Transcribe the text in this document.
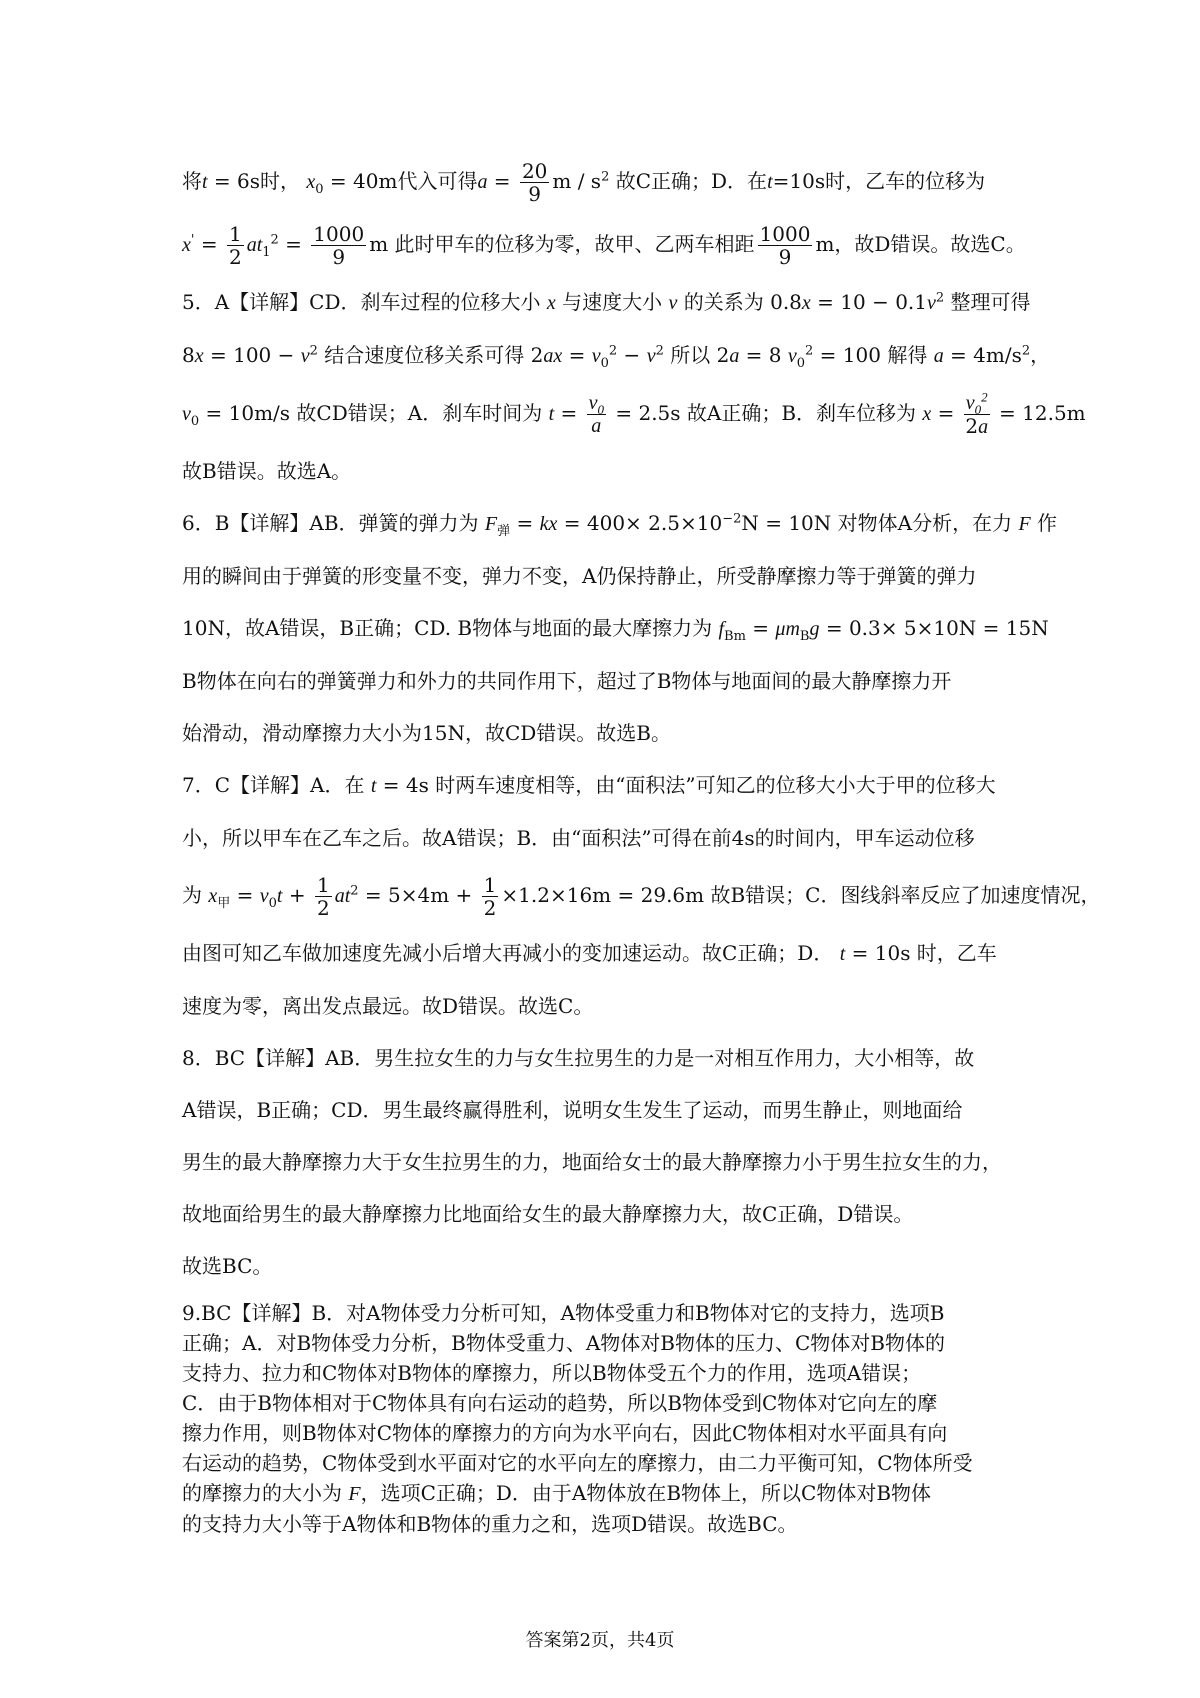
将t = 6s时， $x_0 = 40m$代入可得$a = \frac{20}{9}$ m / $s^2$ 故C正确；D．在t=10s时，乙车的位移为

$x' = \frac{1}{2} at_1^2 = \frac{1000}{9}$ m 此时甲车的位移为零，故甲、乙两车相距 $\frac{1000}{9}$ m，故D错误。故选C。

5．A【详解】CD．刹车过程的位移大小 x 与速度大小 v 的关系为 $0.8x = 10 - 0.1v^2$ 整理可得

$8x = 100 - v^2$ 结合速度位移关系可得 $2ax = v_0^2 - v^2$ 所以 2a = 8 $v_0^2 = 100$ 解得 $a = 4m/s^2$，

$v_0 = 10m/s$ 故CD错误；A．刹车时间为 $t = \frac{v_0}{a} = 2.5s$ 故A正确；B．刹车位移为 $x = \frac{v_0^2}{2a} = 12.5m$

故B错误。故选A。

6．B【详解】AB．弹簧的弹力为 $F_弹$ = kx = $400\times 2.5\times 10^{-2}N = 10N$ 对物体A分析，在力 F 作

用的瞬间由于弹簧的形变量不变，弹力不变，A仍保持静止，所受静摩擦力等于弹簧的弹力

10N，故A错误，B正确；CD. B物体与地面的最大摩擦力为 $f_{Bm} = \mu m_Bg = 0.3\times 5\times 10N = 15N$

B物体在向右的弹簧弹力和外力的共同作用下，超过了B物体与地面间的最大静摩擦力开

始滑动，滑动摩擦力大小为15N，故CD错误。故选B。

7．C【详解】A．在 t = 4s 时两车速度相等，由“面积法”可知乙的位移大小大于甲的位移大

小，所以甲车在乙车之后。故A错误；B．由“面积法”可得在前4s的时间内，甲车运动位移

为 $x_甲 = v_0t + \frac{1}{2} at^2 = 5\times 4m + \frac{1}{2} \times 1.2\times 16m = 29.6m$ 故B错误；C．图线斜率反应了加速度情况，

由图可知乙车做加速度先减小后增大再减小的变加速运动。故C正确；D． t = 10s 时，乙车

速度为零，离出发点最远。故D错误。故选C。

8．BC【详解】AB．男生拉女生的力与女生拉男生的力是一对相互作用力，大小相等，故

A错误，B正确；CD．男生最终赢得胜利，说明女生发生了运动，而男生静止，则地面给

男生的最大静摩擦力大于女生拉男生的力，地面给女士的最大静摩擦力小于男生拉女生的力，

故地面给男生的最大静摩擦力比地面给女生的最大静摩擦力大，故C正确，D错误。

故选BC。

9.BC【详解】B．对A物体受力分析可知，A物体受重力和B物体对它的支持力，选项B

正确；A．对B物体受力分析，B物体受重力、A物体对B物体的压力、C物体对B物体的

支持力、拉力和C物体对B物体的摩擦力，所以B物体受五个力的作用，选项A错误；

C．由于B物体相对于C物体具有向右运动的趋势，所以B物体受到C物体对它向左的摩

擦力作用，则B物体对C物体的摩擦力的方向为水平向右，因此C物体相对水平面具有向

右运动的趋势，C物体受到水平面对它的水平向左的摩擦力，由二力平衡可知，C物体所受

的摩擦力的大小为 F，选项C正确；D．由于A物体放在B物体上，所以C物体对B物体

的支持力大小等于A物体和B物体的重力之和，选项D错误。故选BC。

答案第2页，共4页
